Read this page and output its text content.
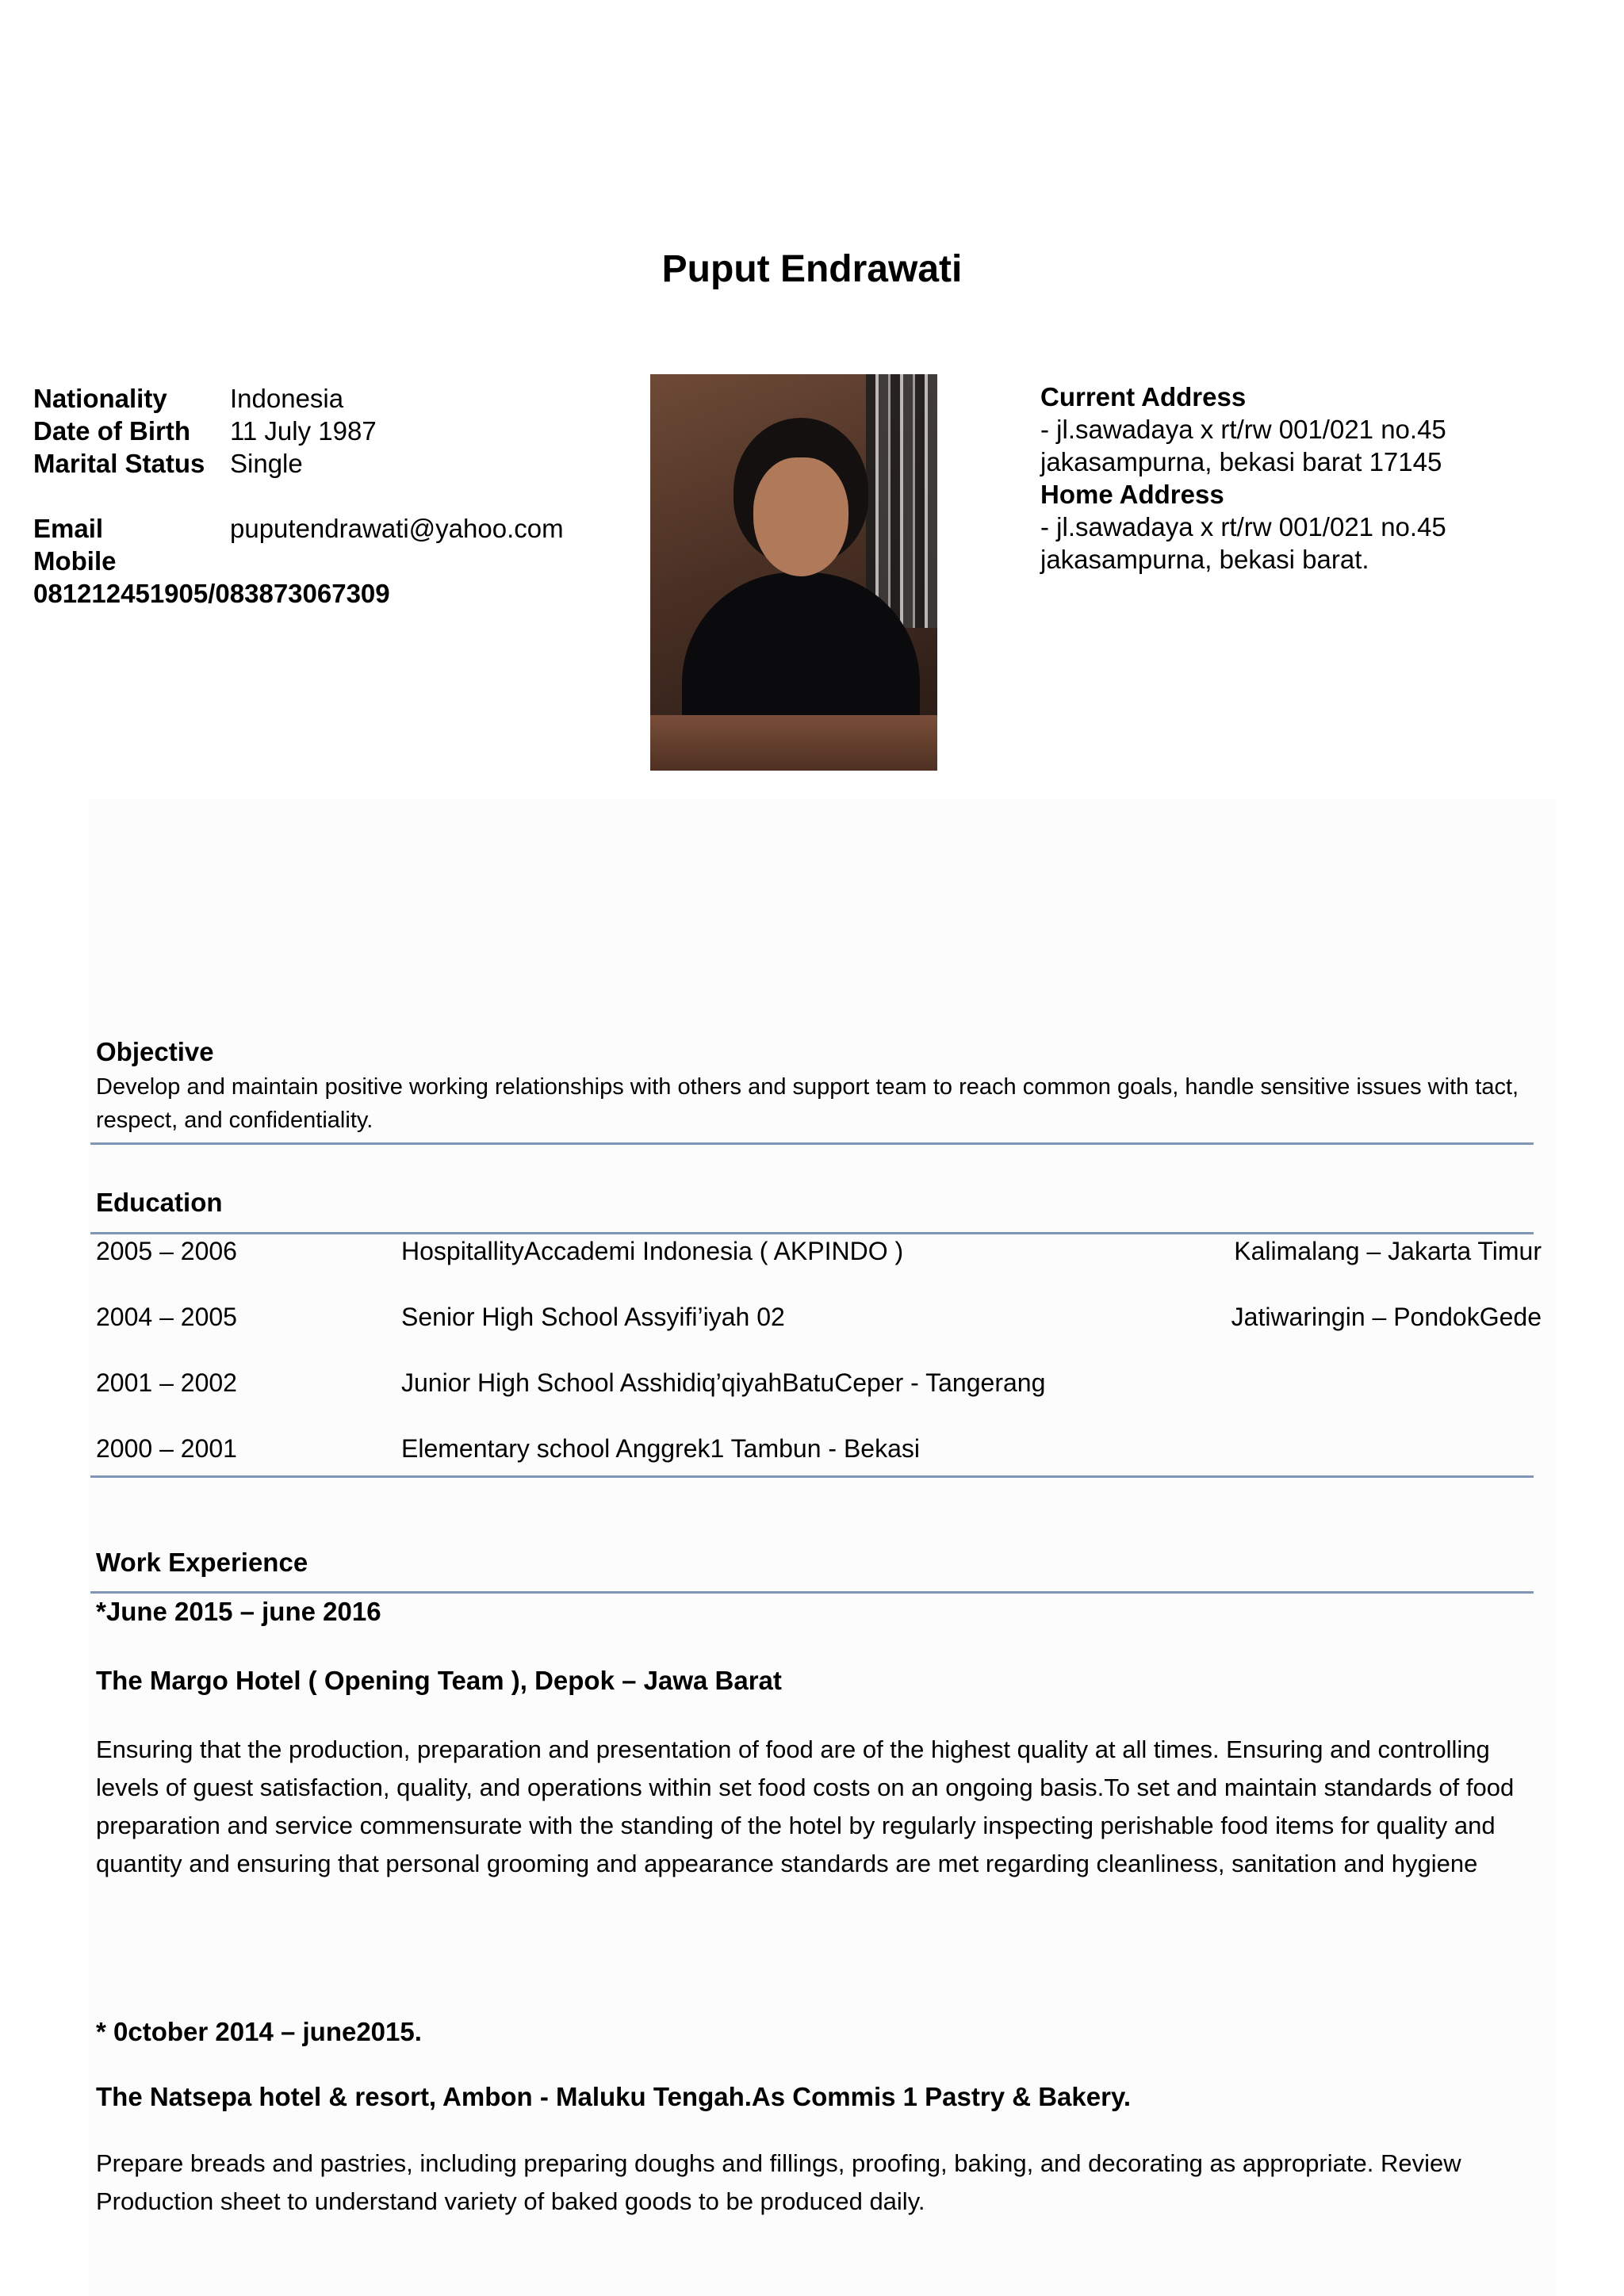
Puput Endrawati
Nationality Indonesia
Date of Birth 11 July 1987
Marital Status Single
Email	puputendrawati@yahoo.com
Mobile
081212451905/083873067309
Current Address
- jl.sawadaya x rt/rw 001/021 no.45
jakasampurna, bekasi barat 17145
Home Address
- jl.sawadaya x rt/rw 001/021 no.45
jakasampurna, bekasi barat.
Objective
Develop and maintain positive working relationships with others and support team to reach common goals, handle sensitive issues with tact, respect, and confidentiality.
Education
2005 – 2006	HospitallityAccademi Indonesia ( AKPINDO )	Kalimalang – Jakarta Timur
2004 – 2005	Senior High School Assyifi’iyah 02	Jatiwaringin – PondokGede
2001 – 2002	Junior High School Asshidiq’qiyahBatuCeper - Tangerang
2000 – 2001	Elementary school Anggrek1 Tambun - Bekasi
Work Experience
*June 2015 – june 2016
The Margo Hotel ( Opening Team ), Depok – Jawa Barat
Ensuring that the production, preparation and presentation of food are of the highest quality at all times. Ensuring and controlling levels of guest satisfaction, quality, and operations within set food costs on an ongoing basis.To set and maintain standards of food preparation and service commensurate with the standing of the hotel by regularly inspecting perishable food items for quality and quantity and ensuring that personal grooming and appearance standards are met regarding cleanliness, sanitation and hygiene
* 0ctober 2014 – june2015.
The Natsepa hotel & resort, Ambon - Maluku Tengah.As Commis 1 Pastry & Bakery.
Prepare breads and pastries, including preparing doughs and fillings, proofing, baking, and decorating as appropriate. Review Production sheet to understand variety of baked goods to be produced daily.
